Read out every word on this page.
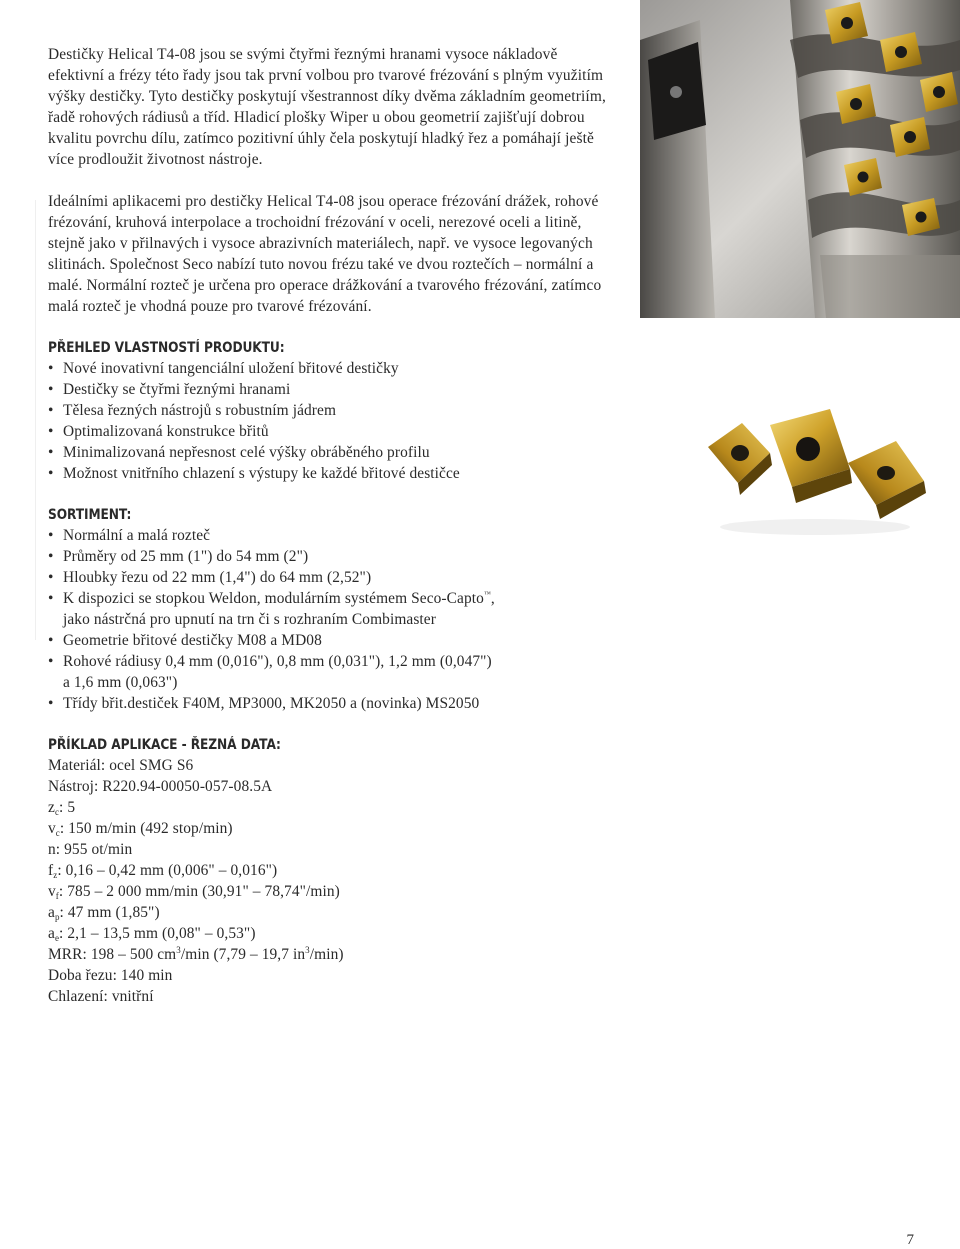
Destičky Helical T4-08 jsou se svými čtyřmi řeznými hranami vysoce nákladově efektivní a frézy této řady jsou tak první volbou pro tvarové frézování s plným využitím výšky destičky. Tyto destičky poskytují všestrannost díky dvěma základním geometriím, řadě rohových rádiusů a tříd. Hladicí plošky Wiper u obou geometrií zajišťují dobrou kvalitu povrchu dílu, zatímco pozitivní úhly čela poskytují hladký řez a pomáhají ještě více prodloužit životnost nástroje.

Ideálními aplikacemi pro destičky Helical T4-08 jsou operace frézování drážek, rohové frézování, kruhová interpolace a trochoidní frézování v oceli, nerezové oceli a litině, stejně jako v přilnavých i vysoce abrazivních materiálech, např. ve vysoce legovaných slitinách. Společnost Seco nabízí tuto novou frézu také ve dvou roztečích – normální a malé. Normální rozteč je určena pro operace drážkování a tvarového frézování, zatímco malá rozteč je vhodná pouze pro tvarové frézování.

PŘEHLED VLASTNOSTÍ PRODUKTU:
• Nové inovativní tangenciální uložení břitové destičky
• Destičky se čtyřmi řeznými hranami
• Tělesa řezných nástrojů s robustním jádrem
• Optimalizovaná konstrukce břitů
• Minimalizovaná nepřesnost celé výšky obráběného profilu
• Možnost vnitřního chlazení s výstupy ke každé břitové destičce
SORTIMENT:
• Normální a malá rozteč
• Průměry od 25 mm (1") do 54 mm (2")
• Hloubky řezu od 22 mm (1,4") do 64 mm (2,52")
• K dispozici se stopkou Weldon, modulárním systémem Seco-Capto™,
jako nástrčná pro upnutí na trn či s rozhraním Combimaster
• Geometrie břitové destičky M08 a MD08
• Rohové rádiusy 0,4 mm (0,016"), 0,8 mm (0,031"), 1,2 mm (0,047")
a 1,6 mm (0,063")
• Třídy břit.destiček F40M, MP3000, MK2050 a (novinka) MS2050
PŘÍKLAD APLIKACE - ŘEZNÁ DATA:
Materiál: ocel SMG S6
Nástroj: R220.94-00050-057-08.5A
$z_c$: 5
$v_c$: 150 m/min (492 stop/min)
n: 955 ot/min
$f_z$: 0,16 – 0,42 mm (0,006" – 0,016")
$v_f$: 785 – 2 000 mm/min (30,91" – 78,74"/min)
$a_p$: 47 mm (1,85")
$a_e$: 2,1 – 13,5 mm (0,08" – 0,53")
MRR: 198 – 500 $cm^3/\min$ (7,79 – 19,7 $in^3/\min$)
Doba řezu: 140 min
Chlazení: vnitřní
7
